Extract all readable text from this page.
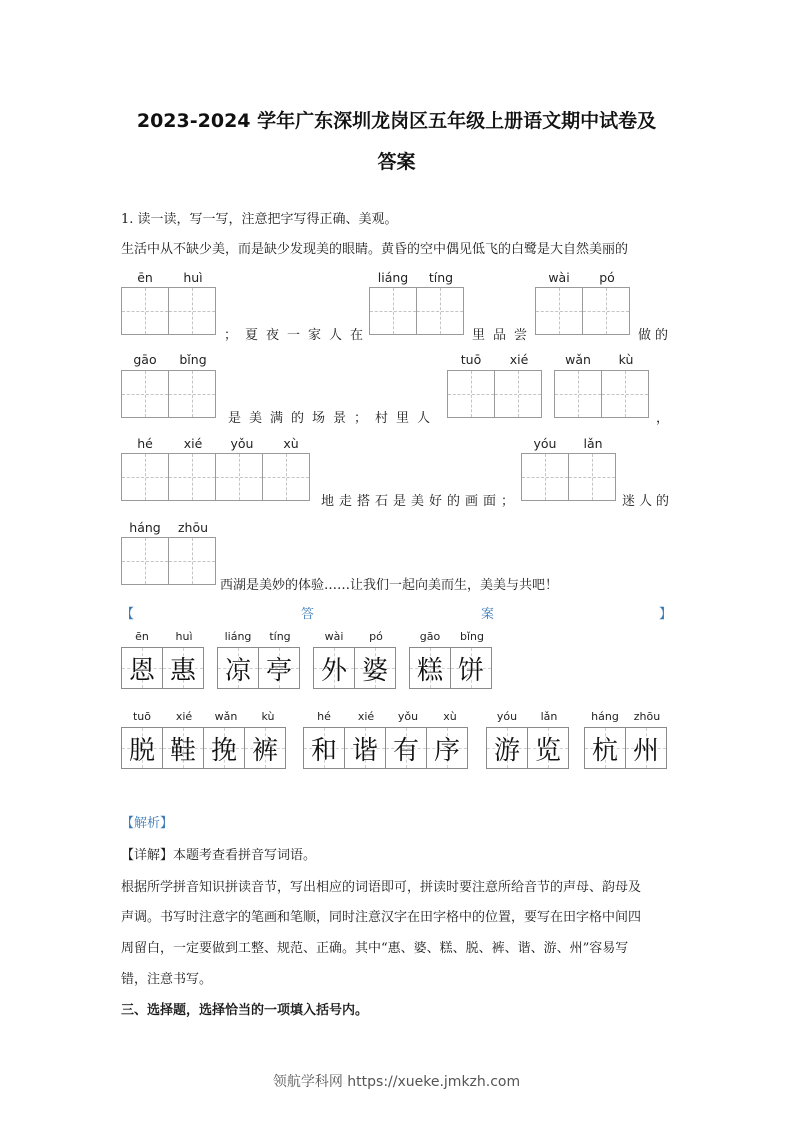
2023-2024 学年广东深圳龙岗区五年级上册语文期中试卷及
答案
1. 读一读，写一写，注意把字写得正确、美观。
生活中从不缺少美，而是缺少发现美的眼睛。黄昏的空中偶见低飞的白鹭是大自然美丽的
ēn	huì
；夏夜一家人在
liáng	tíng
里品尝
wài	pó
做的
gāo	bǐng
是美满的场景；村里人
tuō	xié	wǎn	kù
，
hé	xié	yǒu	xù
地走搭石是美好的画面；
yóu	lǎn
迷人的
háng	zhōu
西湖是美妙的体验……让我们一起向美而生，美美与共吧！
【	答	案	】
ēn	huì	liáng	tíng	wài	pó	gāo	bǐng
恩 惠 凉 亭 外 婆 糕 饼
tuō	xié	wǎn	kù	hé	xié	yǒu	xù	yóu	lǎn	háng	zhōu
脱 鞋 挽 裤 和 谐 有 序 游 览 杭 州
【解析】
【详解】本题考查看拼音写词语。
根据所学拼音知识拼读音节，写出相应的词语即可，拼读时要注意所给音节的声母、韵母及
声调。书写时注意字的笔画和笔顺，同时注意汉字在田字格中的位置，要写在田字格中间四
周留白，一定要做到工整、规范、正确。其中“惠、婆、糕、脱、裤、谐、游、州”容易写
错，注意书写。
三、选择题，选择恰当的一项填入括号内。
领航学科网 https://xueke.jmkzh.com
